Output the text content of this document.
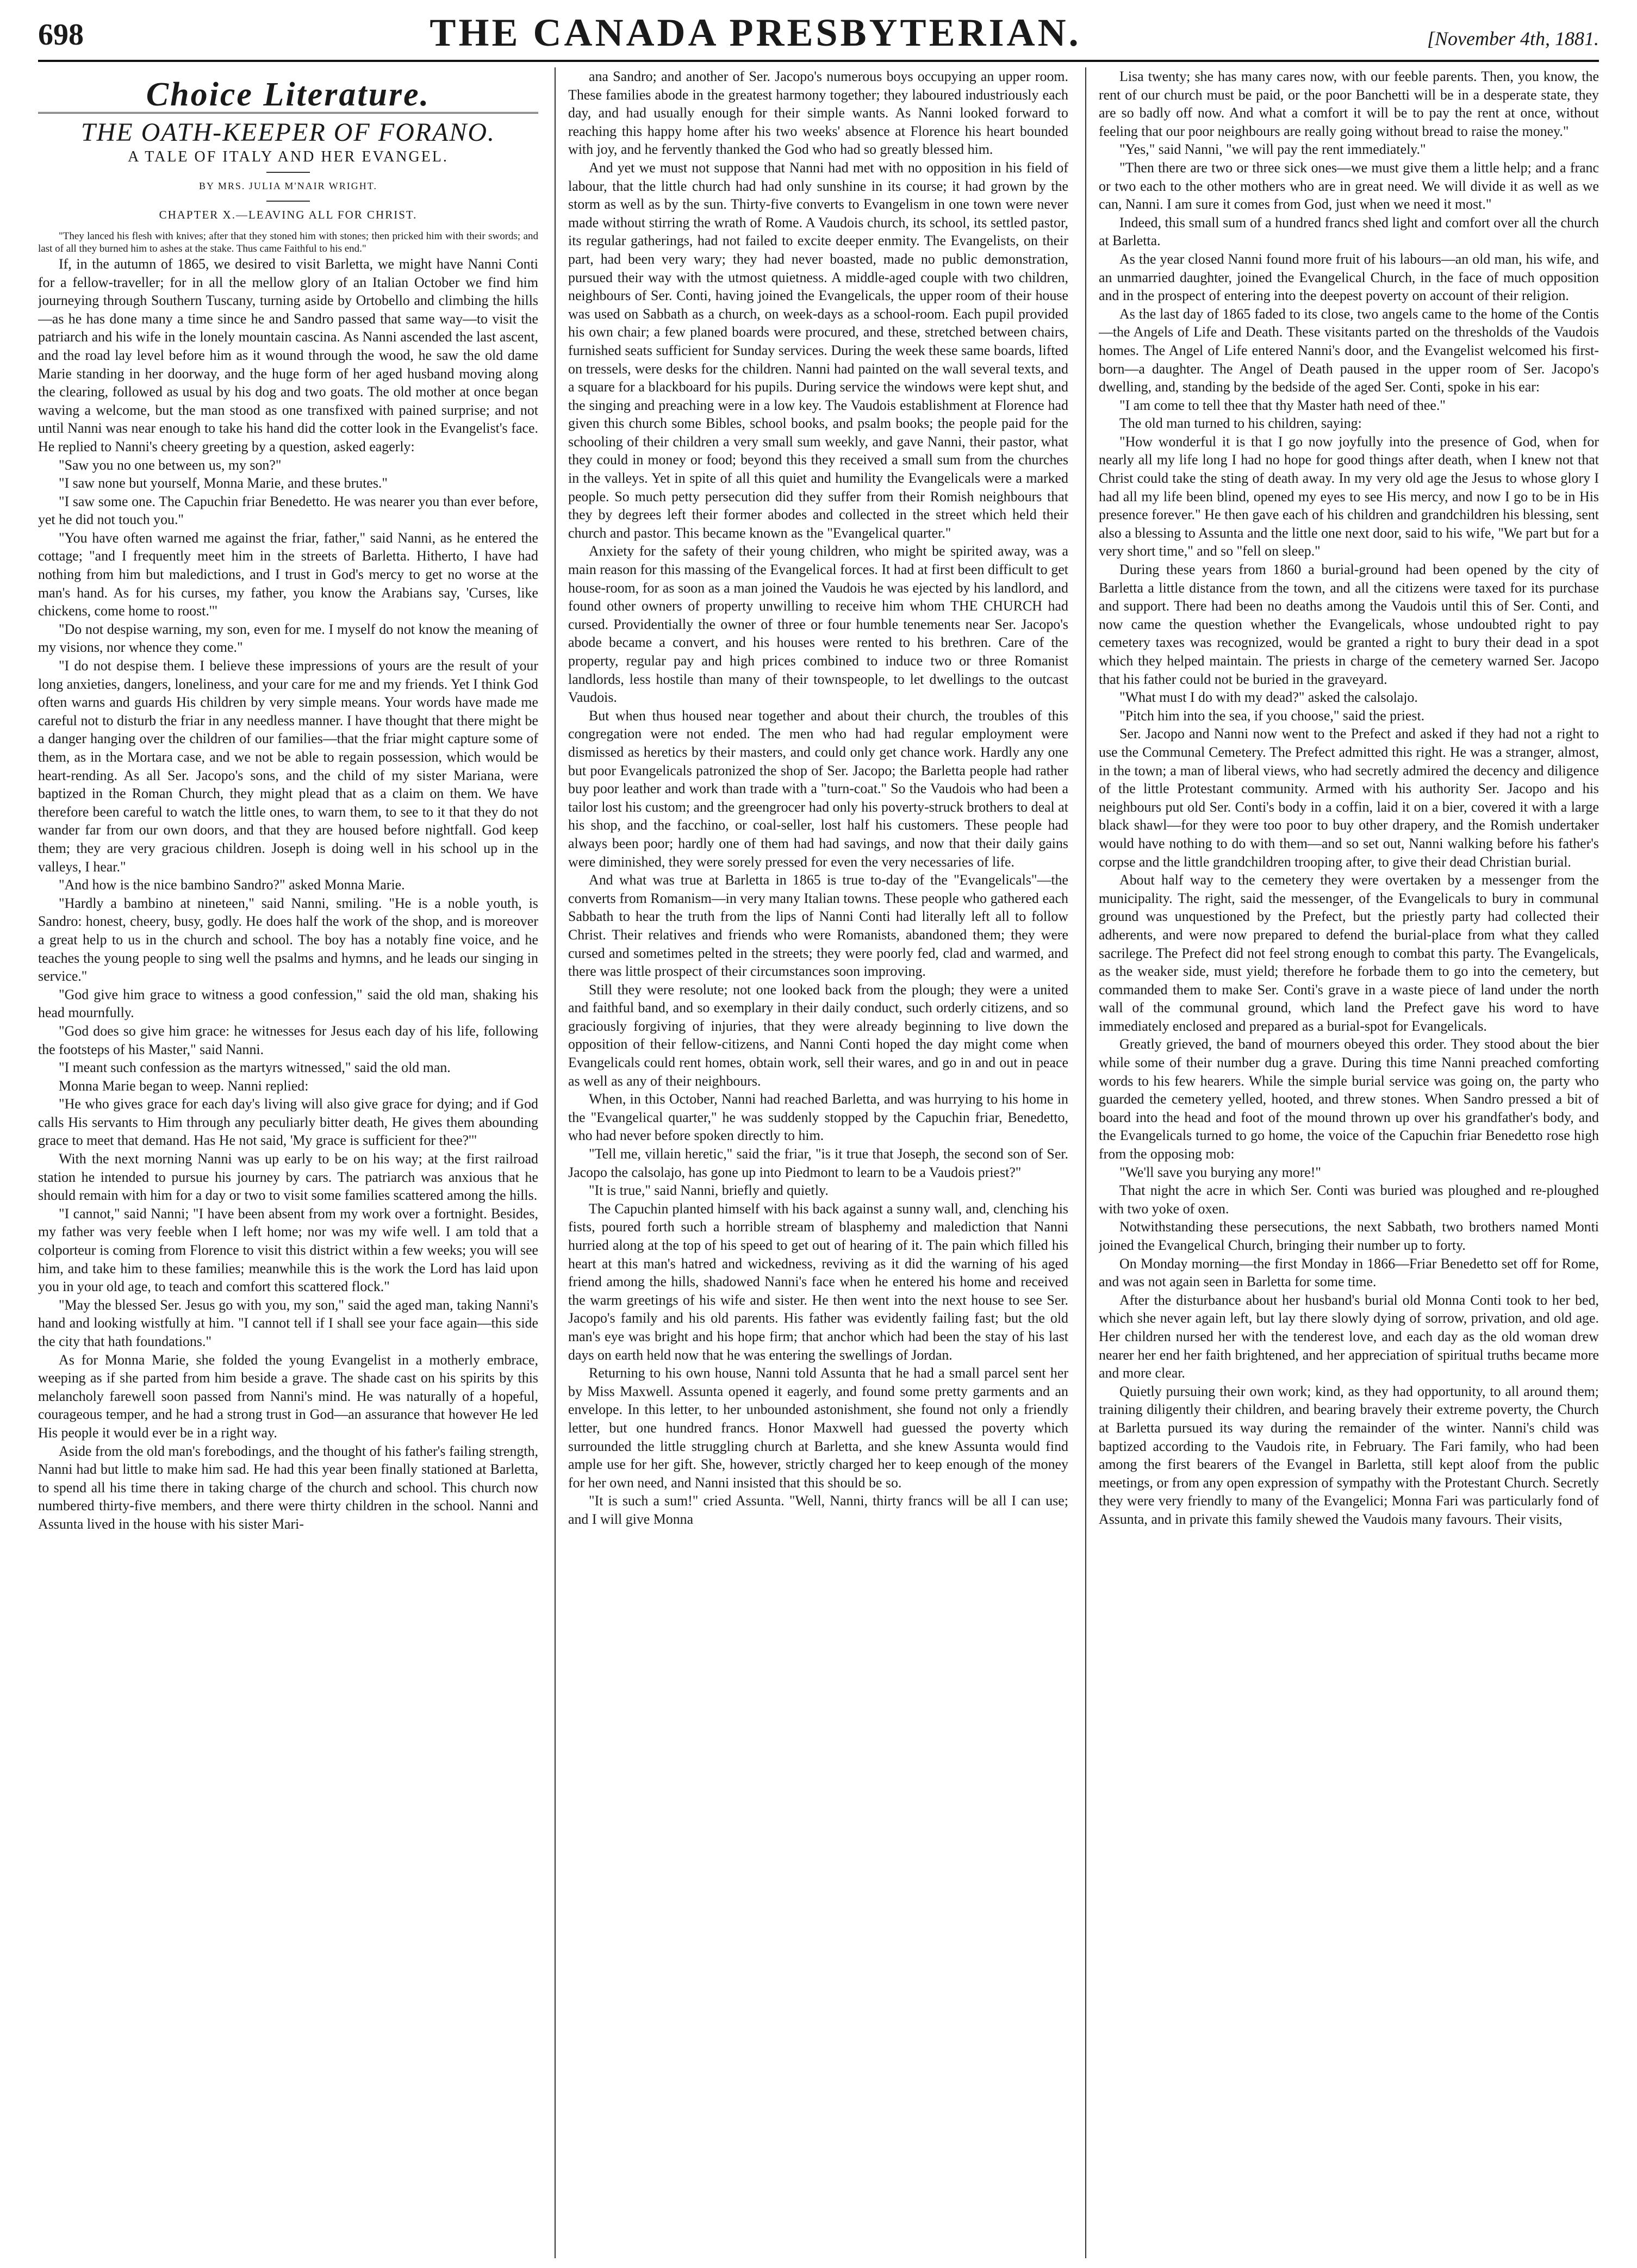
698	THE CANADA PRESBYTERIAN.	[November 4th, 1881.
Choice Literature.
THE OATH-KEEPER OF FORANO.
A TALE OF ITALY AND HER EVANGEL.
BY MRS. JULIA M'NAIR WRIGHT.
CHAPTER X.—LEAVING ALL FOR CHRIST.

"They lanced his flesh with knives; after that they stoned him with stones; then pricked him with their swords; and last of all they burned him to ashes at the stake. Thus came Faithful to his end."

If, in the autumn of 1865, we desired to visit Barletta, we might have Nanni Conti for a fellow-traveller; for in all the mellow glory of an Italian October we find him journeying through Southern Tuscany, turning aside by Ortobello and climbing the hills—as he has done many a time since he and Sandro passed that same way—to visit the patriarch and his wife in the lonely mountain cascina. As Nanni ascended the last ascent, and the road lay level before him as it wound through the wood, he saw the old dame Marie standing in her doorway, and the huge form of her aged husband moving along the clearing, followed as usual by his dog and two goats. The old mother at once began waving a welcome, but the man stood as one transfixed with pained surprise; and not until Nanni was near enough to take his hand did the cotter look in the Evangelist's face. He replied to Nanni's cheery greeting by a question, asked eagerly:

"Saw you no one between us, my son?"

"I saw none but yourself, Monna Marie, and these brutes."

"I saw some one. The Capuchin friar Benedetto. He was nearer you than ever before, yet he did not touch you."

"You have often warned me against the friar, father," said Nanni, as he entered the cottage; "and I frequently meet him in the streets of Barletta. Hitherto, I have had nothing from him but maledictions, and I trust in God's mercy to get no worse at the man's hand. As for his curses, my father, you know the Arabians say, 'Curses, like chickens, come home to roost.'"

"Do not despise warning, my son, even for me. I myself do not know the meaning of my visions, nor whence they come."

"I do not despise them. I believe these impressions of yours are the result of your long anxieties, dangers, loneliness, and your care for me and my friends. Yet I think God often warns and guards His children by very simple means. Your words have made me careful not to disturb the friar in any needless manner. I have thought that there might be a danger hanging over the children of our families—that the friar might capture some of them, as in the Mortara case, and we not be able to regain possession, which would be heart-rending. As all Ser. Jacopo's sons, and the child of my sister Mariana, were baptized in the Roman Church, they might plead that as a claim on them. We have therefore been careful to watch the little ones, to warn them, to see to it that they do not wander far from our own doors, and that they are housed before nightfall. God keep them; they are very gracious children. Joseph is doing well in his school up in the valleys, I hear."

"And how is the nice bambino Sandro?" asked Monna Marie.

"Hardly a bambino at nineteen," said Nanni, smiling. "He is a noble youth, is Sandro: honest, cheery, busy, godly. He does half the work of the shop, and is moreover a great help to us in the church and school. The boy has a notably fine voice, and he teaches the young people to sing well the psalms and hymns, and he leads our singing in service."

"God give him grace to witness a good confession," said the old man, shaking his head mournfully.

"God does so give him grace: he witnesses for Jesus each day of his life, following the footsteps of his Master," said Nanni.

"I meant such confession as the martyrs witnessed," said the old man.

Monna Marie began to weep. Nanni replied:

"He who gives grace for each day's living will also give grace for dying; and if God calls His servants to Him through any peculiarly bitter death, He gives them abounding grace to meet that demand. Has He not said, 'My grace is sufficient for thee?'"

With the next morning Nanni was up early to be on his way; at the first railroad station he intended to pursue his journey by cars. The patriarch was anxious that he should remain with him for a day or two to visit some families scattered among the hills.

"I cannot," said Nanni; "I have been absent from my work over a fortnight. Besides, my father was very feeble when I left home; nor was my wife well. I am told that a colporteur is coming from Florence to visit this district within a few weeks; you will see him, and take him to these families; meanwhile this is the work the Lord has laid upon you in your old age, to teach and comfort this scattered flock."

"May the blessed Ser. Jesus go with you, my son," said the aged man, taking Nanni's hand and looking wistfully at him. "I cannot tell if I shall see your face again—this side the city that hath foundations."

As for Monna Marie, she folded the young Evangelist in a motherly embrace, weeping as if she parted from him beside a grave. The shade cast on his spirits by this melancholy farewell soon passed from Nanni's mind. He was naturally of a hopeful, courageous temper, and he had a strong trust in God—an assurance that however He led His people it would ever be in a right way.

Aside from the old man's forebodings, and the thought of his father's failing strength, Nanni had but little to make him sad. He had this year been finally stationed at Barletta, to spend all his time there in taking charge of the church and school. This church now numbered thirty-five members, and there were thirty children in the school. Nanni and Assunta lived in the house with his sister Mari-

ana Sandro; and another of Ser. Jacopo's numerous boys occupying an upper room. These families abode in the greatest harmony together; they laboured industriously each day, and had usually enough for their simple wants. As Nanni looked forward to reaching this happy home after his two weeks' absence at Florence his heart bounded with joy, and he fervently thanked the God who had so greatly blessed him.

And yet we must not suppose that Nanni had met with no opposition in his field of labour, that the little church had had only sunshine in its course; it had grown by the storm as well as by the sun. Thirty-five converts to Evangelism in one town were never made without stirring the wrath of Rome. A Vaudois church, its school, its settled pastor, its regular gatherings, had not failed to excite deeper enmity. The Evangelists, on their part, had been very wary; they had never boasted, made no public demonstration, pursued their way with the utmost quietness. A middle-aged couple with two children, neighbours of Ser. Conti, having joined the Evangelicals, the upper room of their house was used on Sabbath as a church, on week-days as a school-room. Each pupil provided his own chair; a few planed boards were procured, and these, stretched between chairs, furnished seats sufficient for Sunday services. During the week these same boards, lifted on tressels, were desks for the children. Nanni had painted on the wall several texts, and a square for a blackboard for his pupils. During service the windows were kept shut, and the singing and preaching were in a low key. The Vaudois establishment at Florence had given this church some Bibles, school books, and psalm books; the people paid for the schooling of their children a very small sum weekly, and gave Nanni, their pastor, what they could in money or food; beyond this they received a small sum from the churches in the valleys. Yet in spite of all this quiet and humility the Evangelicals were a marked people. So much petty persecution did they suffer from their Romish neighbours that they by degrees left their former abodes and collected in the street which held their church and pastor. This became known as the "Evangelical quarter."

Anxiety for the safety of their young children, who might be spirited away, was a main reason for this massing of the Evangelical forces. It had at first been difficult to get house-room, for as soon as a man joined the Vaudois he was ejected by his landlord, and found other owners of property unwilling to receive him whom THE CHURCH had cursed. Providentially the owner of three or four humble tenements near Ser. Jacopo's abode became a convert, and his houses were rented to his brethren. Care of the property, regular pay and high prices combined to induce two or three Romanist landlords, less hostile than many of their townspeople, to let dwellings to the outcast Vaudois.

But when thus housed near together and about their church, the troubles of this congregation were not ended. The men who had had regular employment were dismissed as heretics by their masters, and could only get chance work. Hardly any one but poor Evangelicals patronized the shop of Ser. Jacopo; the Barletta people had rather buy poor leather and work than trade with a "turn-coat." So the Vaudois who had been a tailor lost his custom; and the greengrocer had only his poverty-struck brothers to deal at his shop, and the facchino, or coal-seller, lost half his customers. These people had always been poor; hardly one of them had had savings, and now that their daily gains were diminished, they were sorely pressed for even the very necessaries of life.

And what was true at Barletta in 1865 is true to-day of the "Evangelicals"—the converts from Romanism—in very many Italian towns. These people who gathered each Sabbath to hear the truth from the lips of Nanni Conti had literally left all to follow Christ. Their relatives and friends who were Romanists, abandoned them; they were cursed and sometimes pelted in the streets; they were poorly fed, clad and warmed, and there was little prospect of their circumstances soon improving.

Still they were resolute; not one looked back from the plough; they were a united and faithful band, and so exemplary in their daily conduct, such orderly citizens, and so graciously forgiving of injuries, that they were already beginning to live down the opposition of their fellow-citizens, and Nanni Conti hoped the day might come when Evangelicals could rent homes, obtain work, sell their wares, and go in and out in peace as well as any of their neighbours.

When, in this October, Nanni had reached Barletta, and was hurrying to his home in the "Evangelical quarter," he was suddenly stopped by the Capuchin friar, Benedetto, who had never before spoken directly to him.

"Tell me, villain heretic," said the friar, "is it true that Joseph, the second son of Ser. Jacopo the calsolajo, has gone up into Piedmont to learn to be a Vaudois priest?"

"It is true," said Nanni, briefly and quietly.

The Capuchin planted himself with his back against a sunny wall, and, clenching his fists, poured forth such a horrible stream of blasphemy and malediction that Nanni hurried along at the top of his speed to get out of hearing of it. The pain which filled his heart at this man's hatred and wickedness, reviving as it did the warning of his aged friend among the hills, shadowed Nanni's face when he entered his home and received the warm greetings of his wife and sister. He then went into the next house to see Ser. Jacopo's family and his old parents. His father was evidently failing fast; but the old man's eye was bright and his hope firm; that anchor which had been the stay of his last days on earth held now that he was entering the swellings of Jordan.

Returning to his own house, Nanni told Assunta that he had a small parcel sent her by Miss Maxwell. Assunta opened it eagerly, and found some pretty garments and an envelope. In this letter, to her unbounded astonishment, she found not only a friendly letter, but one hundred francs. Honor Maxwell had guessed the poverty which surrounded the little struggling church at Barletta, and she knew Assunta would find ample use for her gift. She, however, strictly charged her to keep enough of the money for her own need, and Nanni insisted that this should be so.

"It is such a sum!" cried Assunta. "Well, Nanni, thirty francs will be all I can use; and I will give Monna

Lisa twenty; she has many cares now, with our feeble parents. Then, you know, the rent of our church must be paid, or the poor Banchetti will be in a desperate state, they are so badly off now. And what a comfort it will be to pay the rent at once, without feeling that our poor neighbours are really going without bread to raise the money."

"Yes," said Nanni, "we will pay the rent immediately."

"Then there are two or three sick ones—we must give them a little help; and a franc or two each to the other mothers who are in great need. We will divide it as well as we can, Nanni. I am sure it comes from God, just when we need it most."

Indeed, this small sum of a hundred francs shed light and comfort over all the church at Barletta.

As the year closed Nanni found more fruit of his labours—an old man, his wife, and an unmarried daughter, joined the Evangelical Church, in the face of much opposition and in the prospect of entering into the deepest poverty on account of their religion.

As the last day of 1865 faded to its close, two angels came to the home of the Contis—the Angels of Life and Death. These visitants parted on the thresholds of the Vaudois homes. The Angel of Life entered Nanni's door, and the Evangelist welcomed his first-born—a daughter. The Angel of Death paused in the upper room of Ser. Jacopo's dwelling, and, standing by the bedside of the aged Ser. Conti, spoke in his ear:

"I am come to tell thee that thy Master hath need of thee."

The old man turned to his children, saying:

"How wonderful it is that I go now joyfully into the presence of God, when for nearly all my life long I had no hope for good things after death, when I knew not that Christ could take the sting of death away. In my very old age the Jesus to whose glory I had all my life been blind, opened my eyes to see His mercy, and now I go to be in His presence forever." He then gave each of his children and grandchildren his blessing, sent also a blessing to Assunta and the little one next door, said to his wife, "We part but for a very short time," and so "fell on sleep."

During these years from 1860 a burial-ground had been opened by the city of Barletta a little distance from the town, and all the citizens were taxed for its purchase and support. There had been no deaths among the Vaudois until this of Ser. Conti, and now came the question whether the Evangelicals, whose undoubted right to pay cemetery taxes was recognized, would be granted a right to bury their dead in a spot which they helped maintain. The priests in charge of the cemetery warned Ser. Jacopo that his father could not be buried in the graveyard.

"What must I do with my dead?" asked the calsolajo.

"Pitch him into the sea, if you choose," said the priest.

Ser. Jacopo and Nanni now went to the Prefect and asked if they had not a right to use the Communal Cemetery. The Prefect admitted this right. He was a stranger, almost, in the town; a man of liberal views, who had secretly admired the decency and diligence of the little Protestant community. Armed with his authority Ser. Jacopo and his neighbours put old Ser. Conti's body in a coffin, laid it on a bier, covered it with a large black shawl—for they were too poor to buy other drapery, and the Romish undertaker would have nothing to do with them—and so set out, Nanni walking before his father's corpse and the little grandchildren trooping after, to give their dead Christian burial.

About half way to the cemetery they were overtaken by a messenger from the municipality. The right, said the messenger, of the Evangelicals to bury in communal ground was unquestioned by the Prefect, but the priestly party had collected their adherents, and were now prepared to defend the burial-place from what they called sacrilege. The Prefect did not feel strong enough to combat this party. The Evangelicals, as the weaker side, must yield; therefore he forbade them to go into the cemetery, but commanded them to make Ser. Conti's grave in a waste piece of land under the north wall of the communal ground, which land the Prefect gave his word to have immediately enclosed and prepared as a burial-spot for Evangelicals.

Greatly grieved, the band of mourners obeyed this order. They stood about the bier while some of their number dug a grave. During this time Nanni preached comforting words to his few hearers. While the simple burial service was going on, the party who guarded the cemetery yelled, hooted, and threw stones. When Sandro pressed a bit of board into the head and foot of the mound thrown up over his grandfather's body, and the Evangelicals turned to go home, the voice of the Capuchin friar Benedetto rose high from the opposing mob:

"We'll save you burying any more!"

That night the acre in which Ser. Conti was buried was ploughed and re-ploughed with two yoke of oxen.

Notwithstanding these persecutions, the next Sabbath, two brothers named Monti joined the Evangelical Church, bringing their number up to forty.

On Monday morning—the first Monday in 1866—Friar Benedetto set off for Rome, and was not again seen in Barletta for some time.

After the disturbance about her husband's burial old Monna Conti took to her bed, which she never again left, but lay there slowly dying of sorrow, privation, and old age. Her children nursed her with the tenderest love, and each day as the old woman drew nearer her end her faith brightened, and her appreciation of spiritual truths became more and more clear.

Quietly pursuing their own work; kind, as they had opportunity, to all around them; training diligently their children, and bearing bravely their extreme poverty, the Church at Barletta pursued its way during the remainder of the winter. Nanni's child was baptized according to the Vaudois rite, in February. The Fari family, who had been among the first bearers of the Evangel in Barletta, still kept aloof from the public meetings, or from any open expression of sympathy with the Protestant Church. Secretly they were very friendly to many of the Evangelici; Monna Fari was particularly fond of Assunta, and in private this family shewed the Vaudois many favours. Their visits,
